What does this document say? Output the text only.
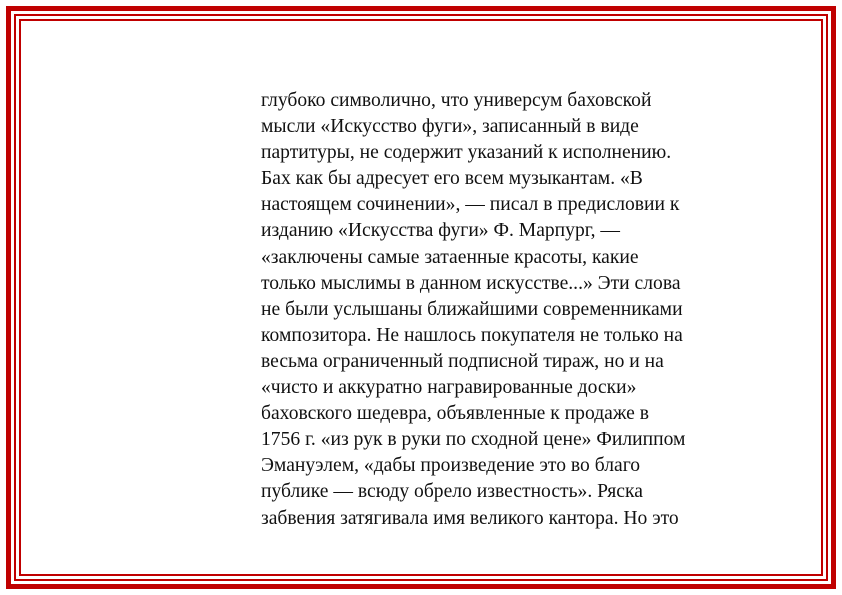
глубоко символично, что универсум баховской
мысли «Искусство фуги», записанный в виде
партитуры, не содержит указаний к исполнению.
Бах как бы адресует его всем музыкантам. «В
настоящем сочинении», — писал в предисловии к
изданию «Искусства фуги» Ф. Марпург, —
«заключены самые затаенные красоты, какие
только мыслимы в данном искусстве...» Эти слова
не были услышаны ближайшими современниками
композитора. Не нашлось покупателя не только на
весьма ограниченный подписной тираж, но и на
«чисто и аккуратно награвированные доски»
баховского шедевра, объявленные к продаже в
1756 г. «из рук в руки по сходной цене» Филиппом
Эмануэлем, «дабы произведение это во благо
публике — всюду обрело известность». Ряска
забвения затягивала имя великого кантора. Но это
